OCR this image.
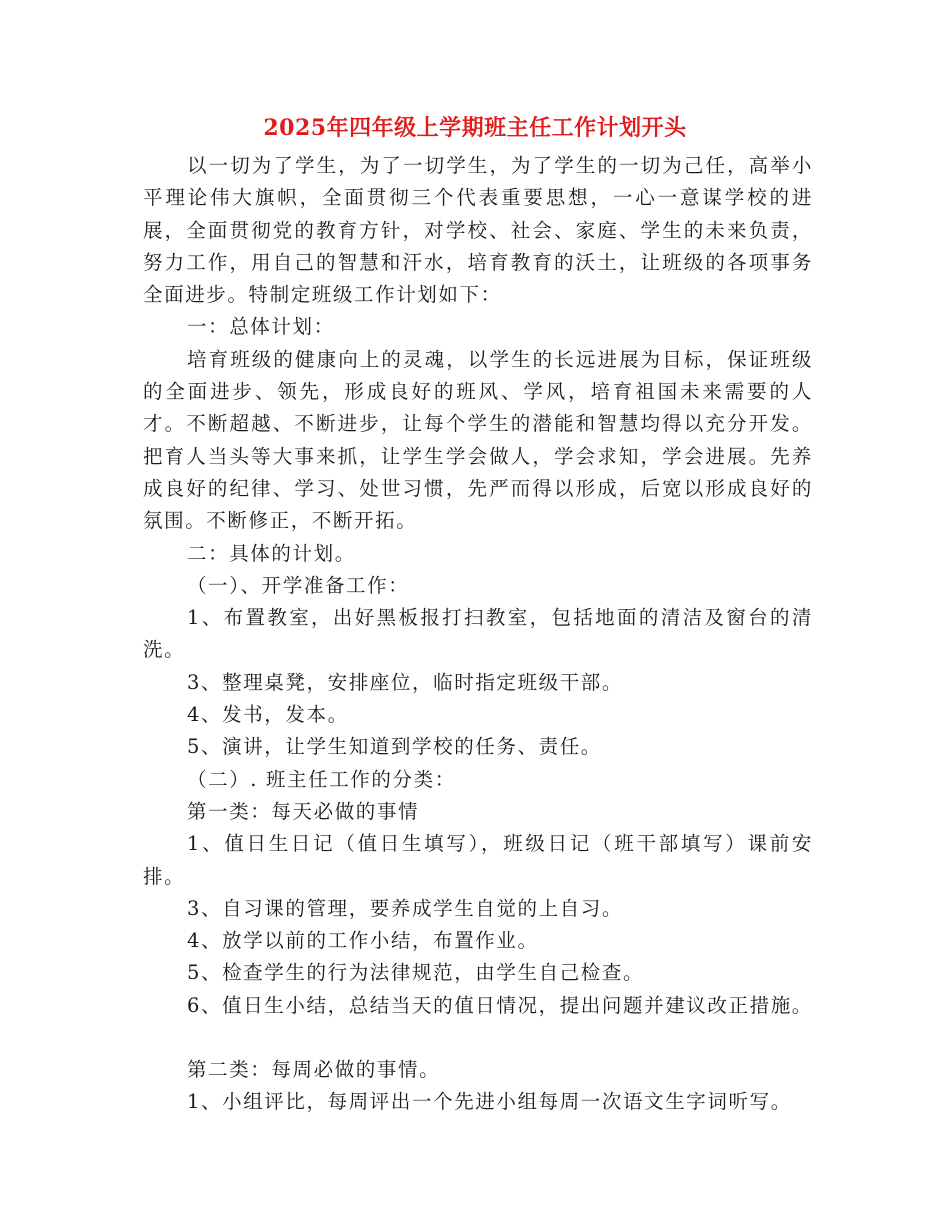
2025年四年级上学期班主任工作计划开头

以一切为了学生，为了一切学生，为了学生的一切为己任，高举小平理论伟大旗帜，全面贯彻三个代表重要思想，一心一意谋学校的进展，全面贯彻党的教育方针，对学校、社会、家庭、学生的未来负责，努力工作，用自己的智慧和汗水，培育教育的沃土，让班级的各项事务全面进步。特制定班级工作计划如下：

一：总体计划：

培育班级的健康向上的灵魂，以学生的长远进展为目标，保证班级的全面进步、领先，形成良好的班风、学风，培育祖国未来需要的人才。不断超越、不断进步，让每个学生的潜能和智慧均得以充分开发。把育人当头等大事来抓，让学生学会做人，学会求知，学会进展。先养成良好的纪律、学习、处世习惯，先严而得以形成，后宽以形成良好的氛围。不断修正，不断开拓。

二：具体的计划。

（一）、开学准备工作：

1、布置教室，出好黑板报打扫教室，包括地面的清洁及窗台的清洗。

3、整理桌凳，安排座位，临时指定班级干部。

4、发书，发本。

5、演讲，让学生知道到学校的任务、责任。

（二）. 班主任工作的分类：

第一类：每天必做的事情

1、值日生日记（值日生填写），班级日记（班干部填写）课前安排。

3、自习课的管理，要养成学生自觉的上自习。

4、放学以前的工作小结，布置作业。

5、检查学生的行为法律规范，由学生自己检查。

6、值日生小结，总结当天的值日情况，提出问题并建议改正措施。

第二类：每周必做的事情。

1、小组评比，每周评出一个先进小组每周一次语文生字词听写。
